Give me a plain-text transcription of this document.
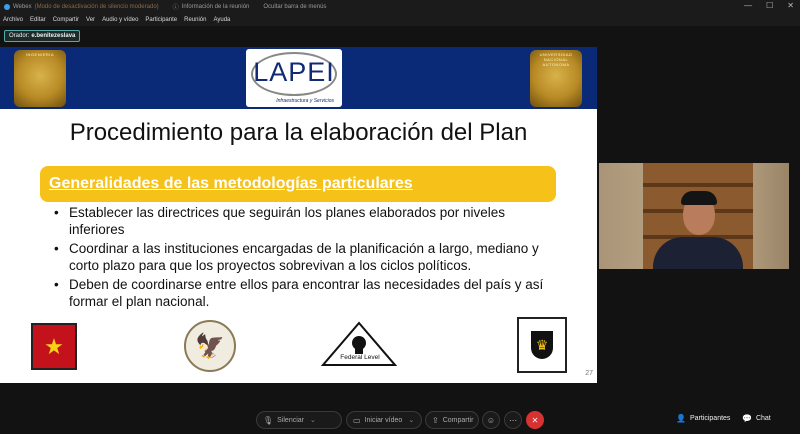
Webex (Modo de desactivación de silencio moderado) ⓘ Información de la reunión Ocultar barra de menús	— ☐ ✕
Archivo Editar Compartir Ver Audio y vídeo Participante Reunión Ayuda
Orador: e.benitezeslava
INGENIERIA
LAPEI
Infraestructura y Servicios
UNIVERSIDAD NACIONAL AUTONOMA
Procedimiento para la elaboración del Plan
Generalidades de las metodologías particulares
• Establecer las directrices que seguirán los planes elaborados por niveles inferiores
• Coordinar a las instituciones encargadas de la planificación a largo, mediano y corto plazo para que los proyectos sobrevivan a los ciclos políticos.
• Deben de coordinarse entre ellos para encontrar las necesidades del país y así formar el plan nacional.
★	🦅	Federal Level
♛
27
🎙 Silenciar ⌄	▭ Iniciar vídeo ⌄ ⇪ Compartir	☺	⋯	✕	👤 Participantes 💬 Chat
